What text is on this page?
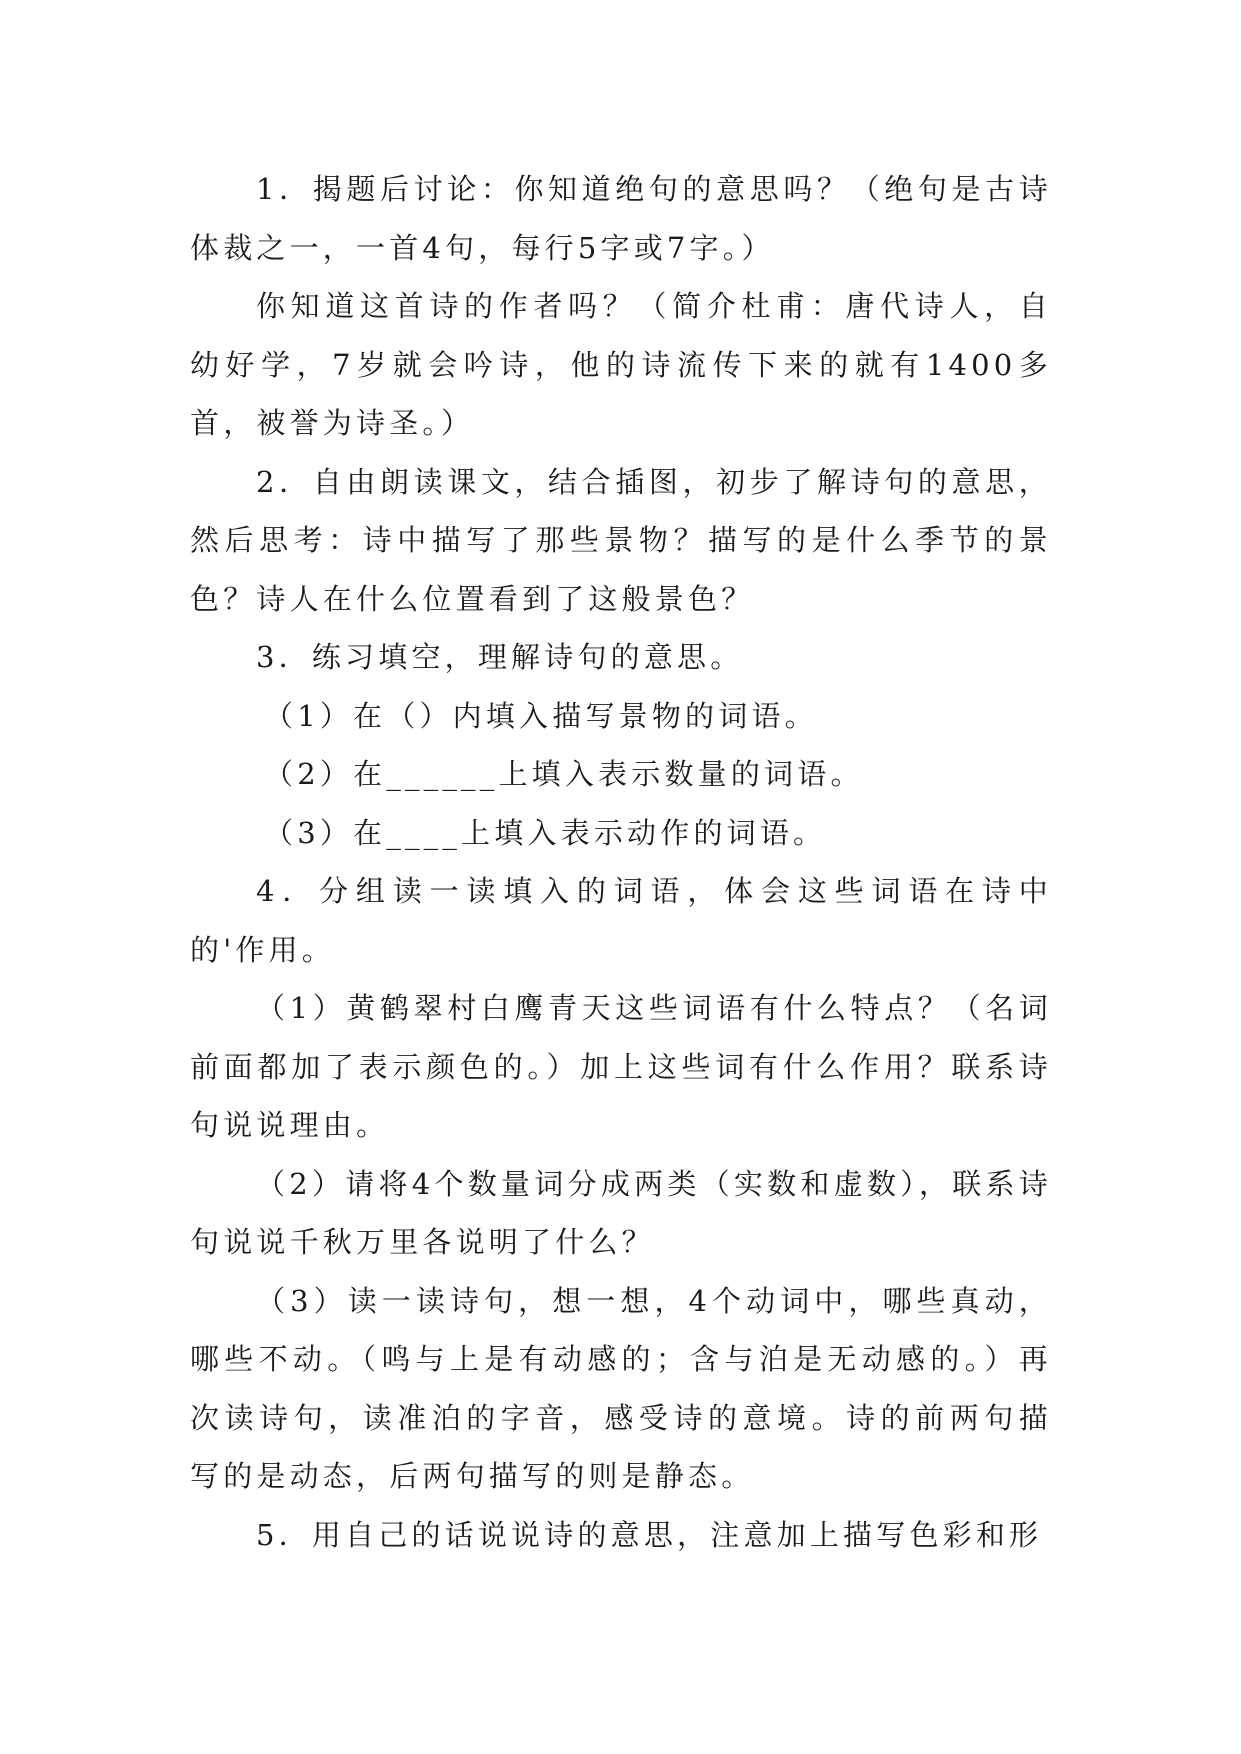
1．揭题后讨论：你知道绝句的意思吗？（绝句是古诗体裁之一，一首4句，每行5字或7字。）

你知道这首诗的作者吗？（简介杜甫：唐代诗人，自幼好学，7岁就会吟诗，他的诗流传下来的就有1400多首，被誉为诗圣。）

2．自由朗读课文，结合插图，初步了解诗句的意思，然后思考：诗中描写了那些景物？描写的是什么季节的景色？诗人在什么位置看到了这般景色？

3．练习填空，理解诗句的意思。

（1）在（）内填入描写景物的词语。

（2）在______上填入表示数量的词语。

（3）在____上填入表示动作的词语。

4．分组读一读填入的词语，体会这些词语在诗中的'作用。

（1）黄鹤翠村白鹰青天这些词语有什么特点？（名词前面都加了表示颜色的。）加上这些词有什么作用？联系诗句说说理由。

（2）请将4个数量词分成两类（实数和虚数），联系诗句说说千秋万里各说明了什么？

（3）读一读诗句，想一想，4个动词中，哪些真动，哪些不动。（鸣与上是有动感的；含与泊是无动感的。）再次读诗句，读准泊的字音，感受诗的意境。诗的前两句描写的是动态，后两句描写的则是静态。

5．用自己的话说说诗的意思，注意加上描写色彩和形
